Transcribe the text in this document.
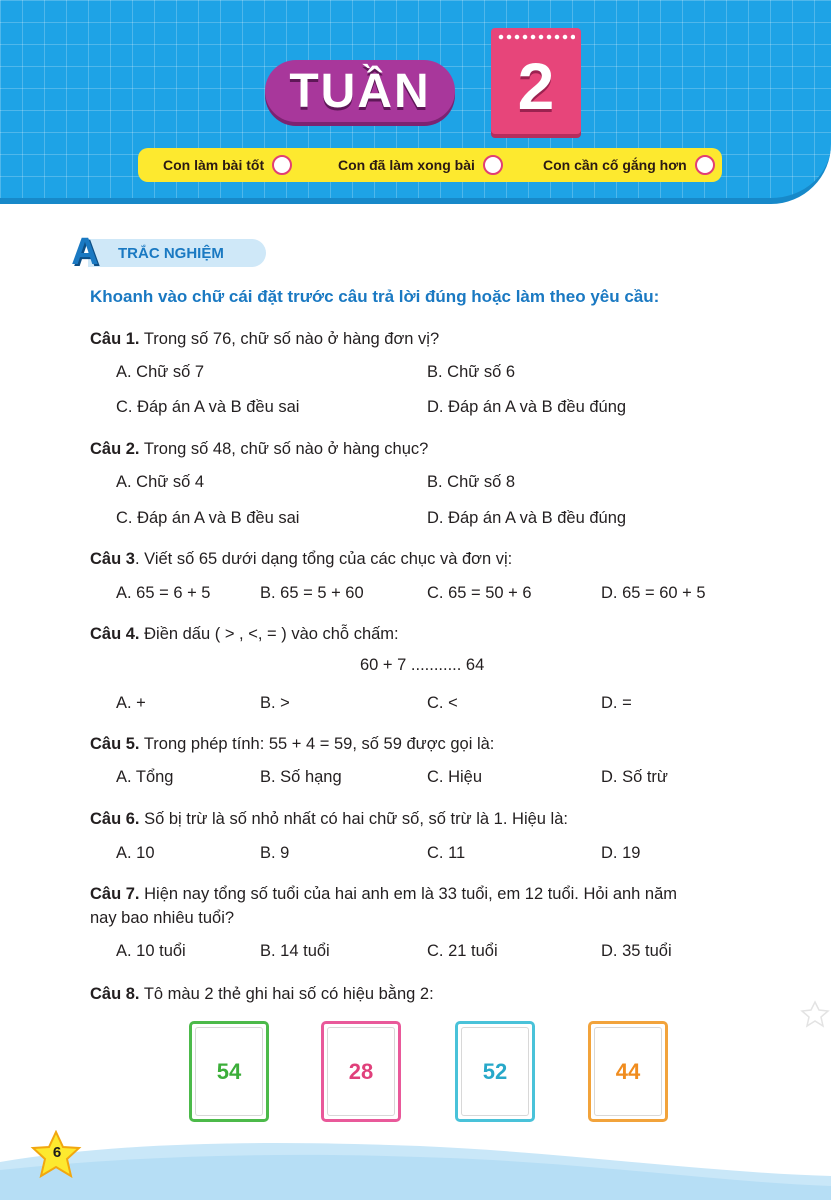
TUẦN 2
Con làm bài tốt	Con đã làm xong bài	Con cần cố gắng hơn
A	TRẮC NGHIỆM
Khoanh vào chữ cái đặt trước câu trả lời đúng hoặc làm theo yêu cầu:
Câu 1. Trong số 76, chữ số nào ở hàng đơn vị?
A. Chữ số 7	B. Chữ số 6
C. Đáp án A và B đều sai	D. Đáp án A và B đều đúng
Câu 2. Trong số 48, chữ số nào ở hàng chục?
A. Chữ số 4	B. Chữ số 8
C. Đáp án A và B đều sai	D. Đáp án A và B đều đúng
Câu 3. Viết số 65 dưới dạng tổng của các chục và đơn vị:
A. 65 = 6 + 5	B. 65 = 5 + 60	C. 65 = 50 + 6	D. 65 = 60 + 5
Câu 4. Điền dấu ( > , <, = ) vào chỗ chấm:
60 + 7 ........... 64
A. +	B. >	C. <	D. =
Câu 5. Trong phép tính: 55 + 4 = 59, số 59 được gọi là:
A. Tổng	B. Số hạng	C. Hiệu	D. Số trừ
Câu 6. Số bị trừ là số nhỏ nhất có hai chữ số, số trừ là 1. Hiệu là:
A. 10	B. 9	C. 11	D. 19
Câu 7. Hiện nay tổng số tuổi của hai anh em là 33 tuổi, em 12 tuổi. Hỏi anh năm
nay bao nhiêu tuổi?
A. 10 tuổi	B. 14 tuổi	C. 21 tuổi	D. 35 tuổi
Câu 8. Tô màu 2 thẻ ghi hai số có hiệu bằng 2:
54	28	52	44
6
